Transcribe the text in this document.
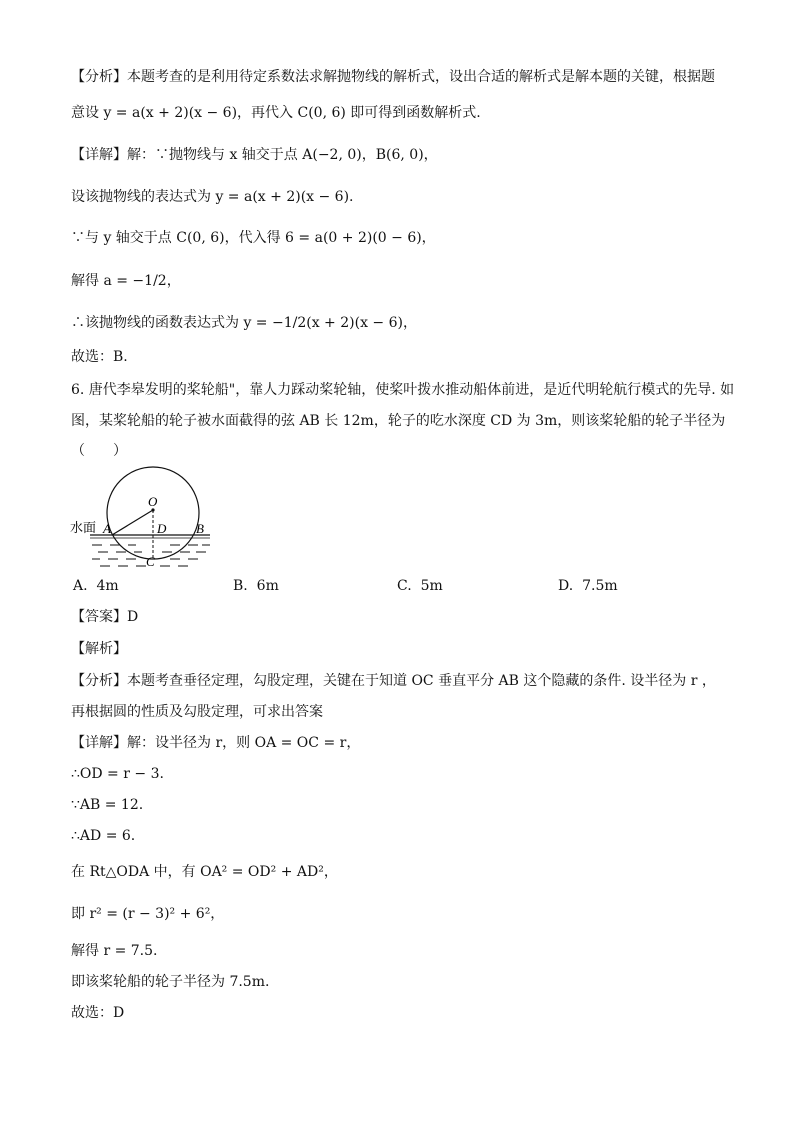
【分析】本题考查的是利用待定系数法求解抛物线的解析式，设出合适的解析式是解本题的关键，根据题
意设 y = a(x + 2)(x − 6)，再代入 C(0, 6) 即可得到函数解析式.
【详解】解：∵抛物线与 x 轴交于点 A(−2, 0)，B(6, 0)，
设该抛物线的表达式为 y = a(x + 2)(x − 6).
∵与 y 轴交于点 C(0, 6)，代入得 6 = a(0 + 2)(0 − 6)，
解得 a = −1/2，
∴该抛物线的函数表达式为 y = −1/2(x + 2)(x − 6)，
故选：B.
6. 唐代李皋发明的桨轮船"，靠人力踩动桨轮轴，使桨叶拨水推动船体前进，是近代明轮航行模式的先导. 如
图，某桨轮船的轮子被水面截得的弦 AB 长 12m，轮子的吃水深度 CD 为 3m，则该桨轮船的轮子半径为
（　　）
水面
O
A	D B
C
A. 4m	B. 6m	C. 5m	D. 7.5m
【答案】D
【解析】
【分析】本题考查垂径定理，勾股定理，关键在于知道 OC 垂直平分 AB 这个隐藏的条件. 设半径为 r ，
再根据圆的性质及勾股定理，可求出答案
【详解】解：设半径为 r，则 OA = OC = r，
∴OD = r − 3.
∵AB = 12.
∴AD = 6.
在 Rt△ODA 中，有 OA² = OD² + AD²，
即 r² = (r − 3)² + 6²，
解得 r = 7.5.
即该桨轮船的轮子半径为 7.5m.
故选：D
